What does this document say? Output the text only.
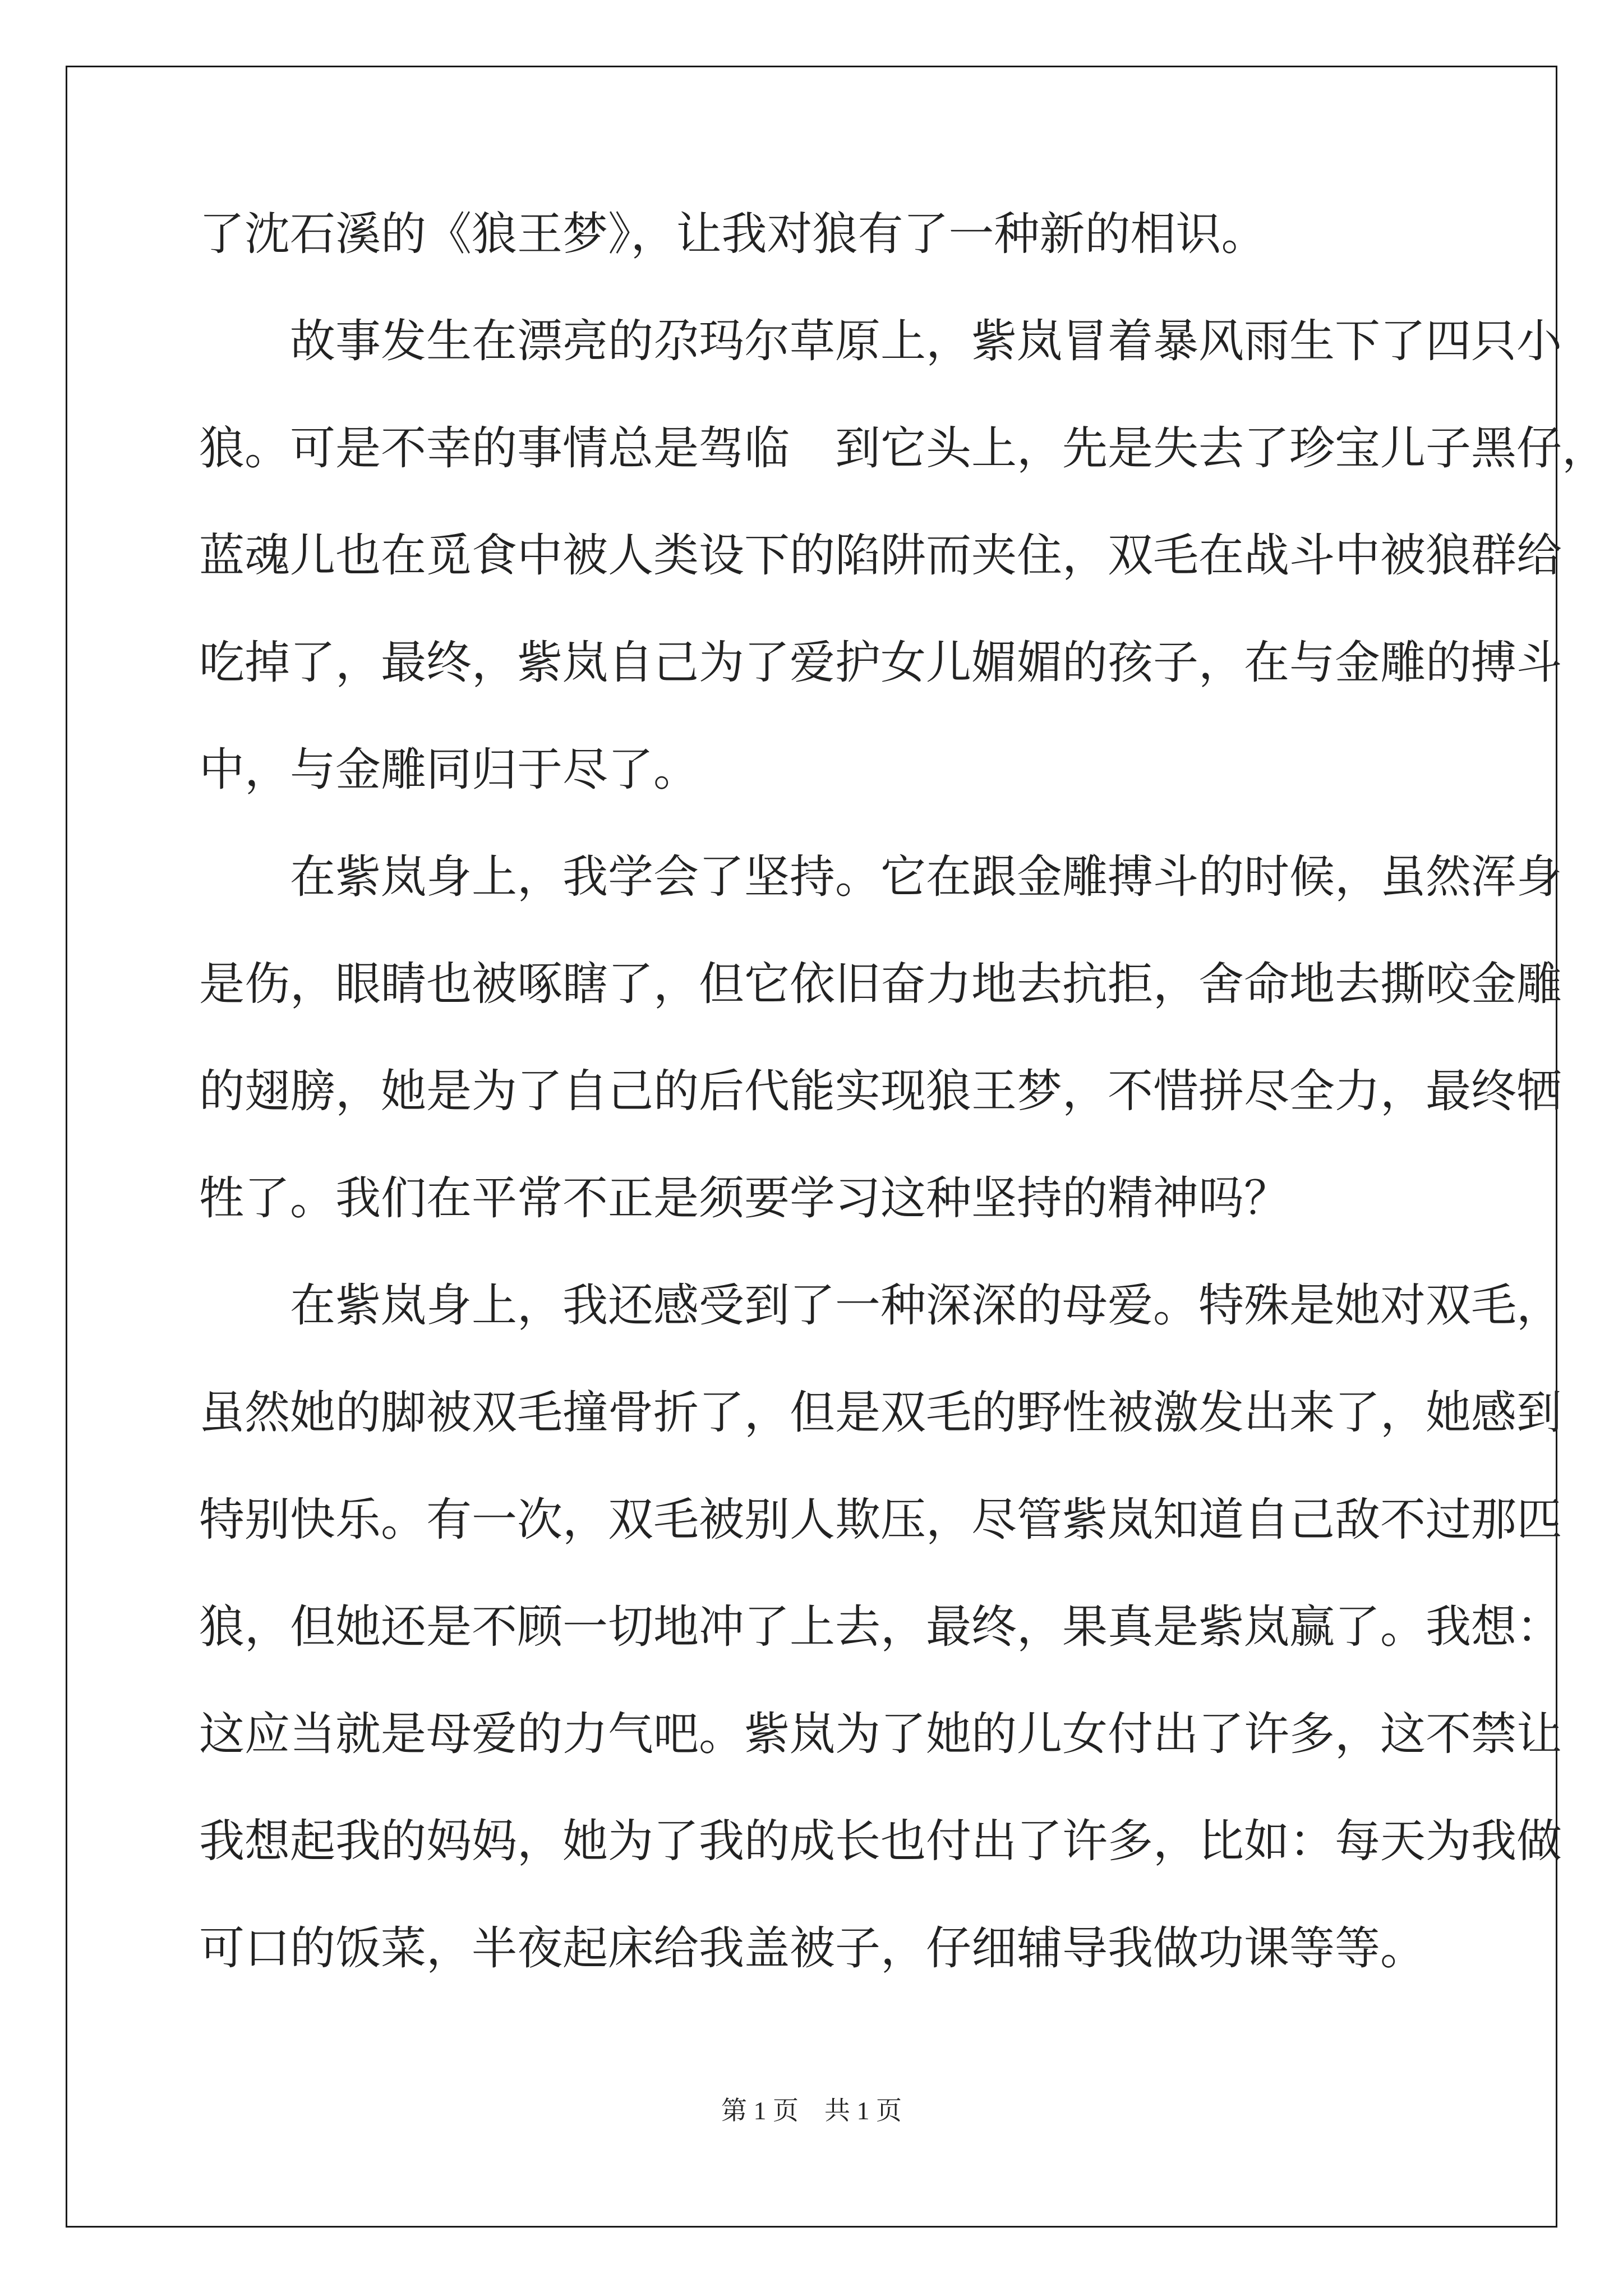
了沈石溪的《狼王梦》，让我对狼有了一种新的相识。
故事发生在漂亮的尕玛尔草原上，紫岚冒着暴风雨生下了四只小
狼。可是不幸的事情总是驾临　到它头上，先是失去了珍宝儿子黑仔，
蓝魂儿也在觅食中被人类设下的陷阱而夹住，双毛在战斗中被狼群给
吃掉了，最终，紫岚自己为了爱护女儿媚媚的孩子，在与金雕的搏斗
中，与金雕同归于尽了。
在紫岚身上，我学会了坚持。它在跟金雕搏斗的时候，虽然浑身
是伤，眼睛也被啄瞎了，但它依旧奋力地去抗拒，舍命地去撕咬金雕
的翅膀，她是为了自己的后代能实现狼王梦，不惜拼尽全力，最终牺
牲了。我们在平常不正是须要学习这种坚持的精神吗？
在紫岚身上，我还感受到了一种深深的母爱。特殊是她对双毛，
虽然她的脚被双毛撞骨折了，但是双毛的野性被激发出来了，她感到
特别快乐。有一次，双毛被别人欺压，尽管紫岚知道自己敌不过那匹
狼，但她还是不顾一切地冲了上去，最终，果真是紫岚赢了。我想：
这应当就是母爱的力气吧。紫岚为了她的儿女付出了许多，这不禁让
我想起我的妈妈，她为了我的成长也付出了许多，比如：每天为我做
可口的饭菜，半夜起床给我盖被子，仔细辅导我做功课等等。
第 1 页　共 1 页
